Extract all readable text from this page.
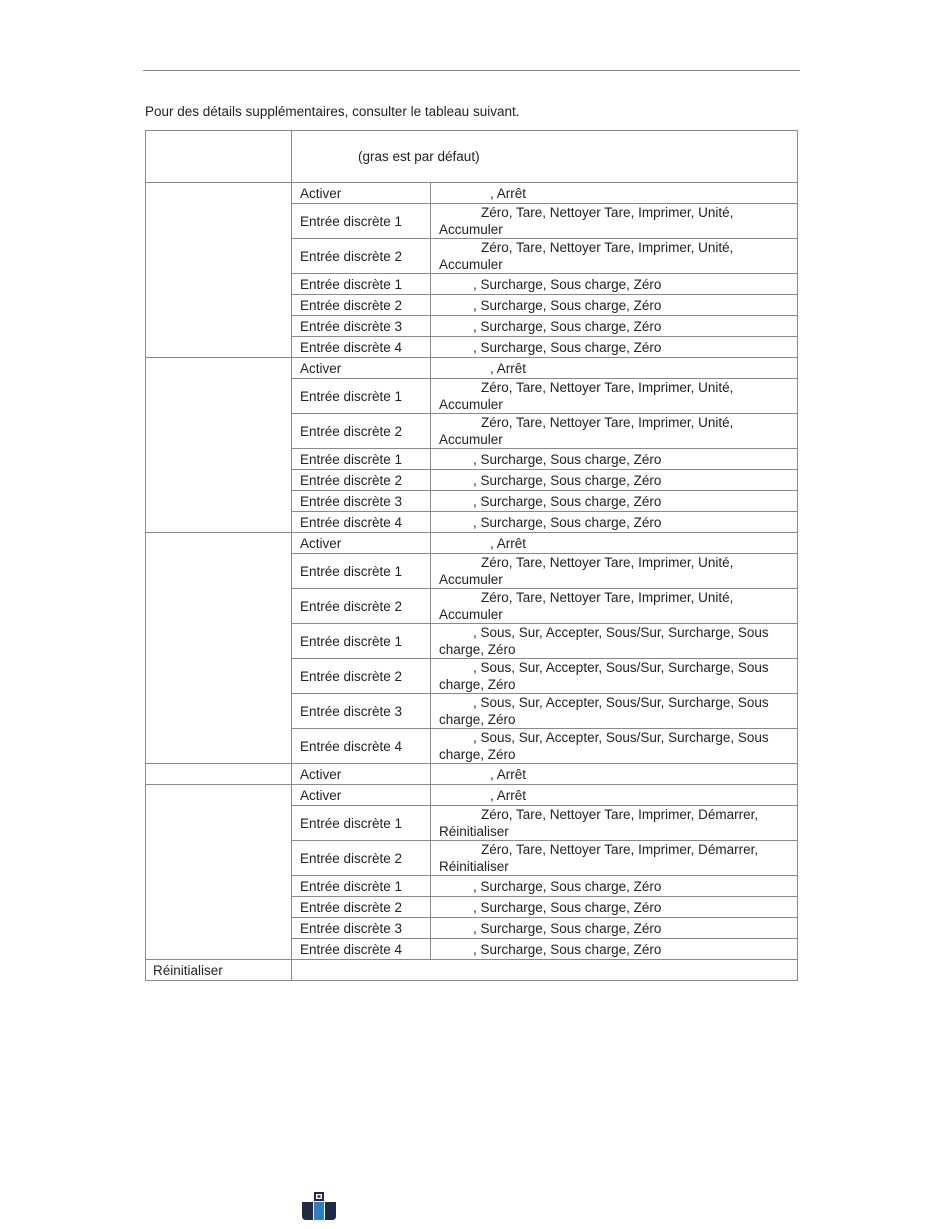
Pour des détails supplémentaires, consulter le tableau suivant.
	(gras est par défaut)	
	Activer	, Arrêt
	Entrée discrète 1	Zéro, Tare, Nettoyer Tare, Imprimer, Unité, Accumuler
	Entrée discrète 2	Zéro, Tare, Nettoyer Tare, Imprimer, Unité, Accumuler
	Entrée discrète 1	, Surcharge, Sous charge, Zéro
	Entrée discrète 2	, Surcharge, Sous charge, Zéro
	Entrée discrète 3	, Surcharge, Sous charge, Zéro
	Entrée discrète 4	, Surcharge, Sous charge, Zéro
	Activer	, Arrêt
	Entrée discrète 1	Zéro, Tare, Nettoyer Tare, Imprimer, Unité, Accumuler
	Entrée discrète 2	Zéro, Tare, Nettoyer Tare, Imprimer, Unité, Accumuler
	Entrée discrète 1	, Surcharge, Sous charge, Zéro
	Entrée discrète 2	, Surcharge, Sous charge, Zéro
	Entrée discrète 3	, Surcharge, Sous charge, Zéro
	Entrée discrète 4	, Surcharge, Sous charge, Zéro
	Activer	, Arrêt
	Entrée discrète 1	Zéro, Tare, Nettoyer Tare, Imprimer, Unité, Accumuler
	Entrée discrète 2	Zéro, Tare, Nettoyer Tare, Imprimer, Unité, Accumuler
	Entrée discrète 1	, Sous, Sur, Accepter, Sous/Sur, Surcharge, Sous charge, Zéro
	Entrée discrète 2	, Sous, Sur, Accepter, Sous/Sur, Surcharge, Sous charge, Zéro
	Entrée discrète 3	, Sous, Sur, Accepter, Sous/Sur, Surcharge, Sous charge, Zéro
	Entrée discrète 4	, Sous, Sur, Accepter, Sous/Sur, Surcharge, Sous charge, Zéro
	Activer	, Arrêt
	Activer	, Arrêt
	Entrée discrète 1	Zéro, Tare, Nettoyer Tare, Imprimer, Démarrer, Réinitialiser
	Entrée discrète 2	Zéro, Tare, Nettoyer Tare, Imprimer, Démarrer, Réinitialiser
	Entrée discrète 1	, Surcharge, Sous charge, Zéro
	Entrée discrète 2	, Surcharge, Sous charge, Zéro
	Entrée discrète 3	, Surcharge, Sous charge, Zéro
	Entrée discrète 4	, Surcharge, Sous charge, Zéro
Réinitialiser		
